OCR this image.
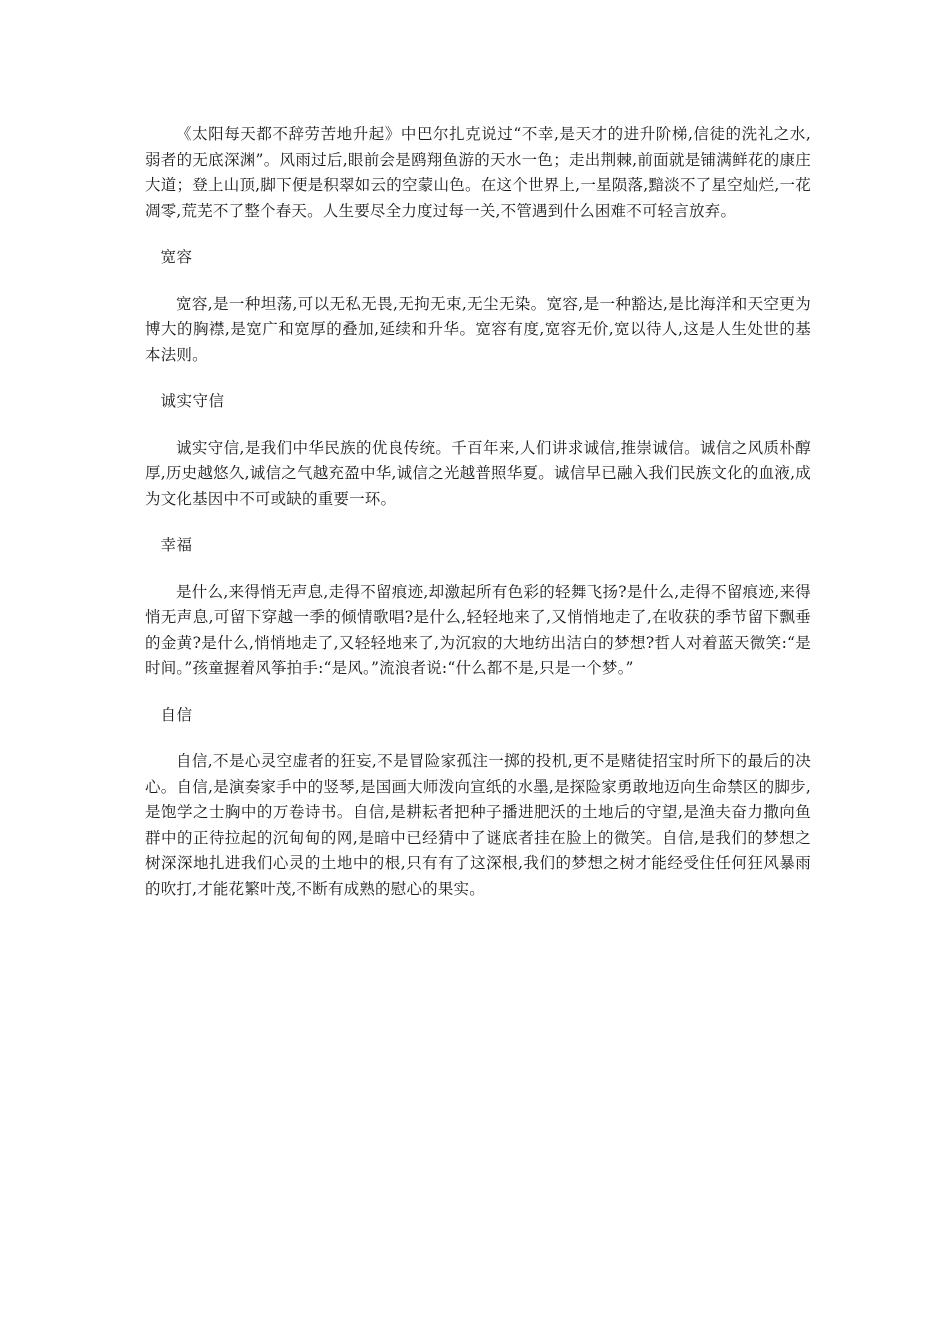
《太阳每天都不辞劳苦地升起》中巴尔扎克说过“不幸,是天才的进升阶梯,信徒的洗礼之水,弱者的无底深渊”。风雨过后,眼前会是鸥翔鱼游的天水一色；走出荆棘,前面就是铺满鲜花的康庄大道；登上山顶,脚下便是积翠如云的空蒙山色。在这个世界上,一星陨落,黯淡不了星空灿烂,一花凋零,荒芜不了整个春天。人生要尽全力度过每一关,不管遇到什么困难不可轻言放弃。

宽容

宽容,是一种坦荡,可以无私无畏,无拘无束,无尘无染。宽容,是一种豁达,是比海洋和天空更为博大的胸襟,是宽广和宽厚的叠加,延续和升华。宽容有度,宽容无价,宽以待人,这是人生处世的基本法则。

诚实守信

诚实守信,是我们中华民族的优良传统。千百年来,人们讲求诚信,推崇诚信。诚信之风质朴醇厚,历史越悠久,诚信之气越充盈中华,诚信之光越普照华夏。诚信早已融入我们民族文化的血液,成为文化基因中不可或缺的重要一环。

幸福

是什么,来得悄无声息,走得不留痕迹,却激起所有色彩的轻舞飞扬?是什么,走得不留痕迹,来得悄无声息,可留下穿越一季的倾情歌唱?是什么,轻轻地来了,又悄悄地走了,在收获的季节留下飘垂的金黄?是什么,悄悄地走了,又轻轻地来了,为沉寂的大地纺出洁白的梦想?哲人对着蓝天微笑:“是时间。”孩童握着风筝拍手:“是风。”流浪者说:“什么都不是,只是一个梦。”

自信

自信,不是心灵空虚者的狂妄,不是冒险家孤注一掷的投机,更不是赌徒招宝时所下的最后的决心。自信,是演奏家手中的竖琴,是国画大师泼向宣纸的水墨,是探险家勇敢地迈向生命禁区的脚步,是饱学之士胸中的万卷诗书。自信,是耕耘者把种子播进肥沃的土地后的守望,是渔夫奋力撒向鱼群中的正待拉起的沉甸甸的网,是暗中已经猜中了谜底者挂在脸上的微笑。自信,是我们的梦想之树深深地扎进我们心灵的土地中的根,只有有了这深根,我们的梦想之树才能经受住任何狂风暴雨的吹打,才能花繁叶茂,不断有成熟的慰心的果实。
